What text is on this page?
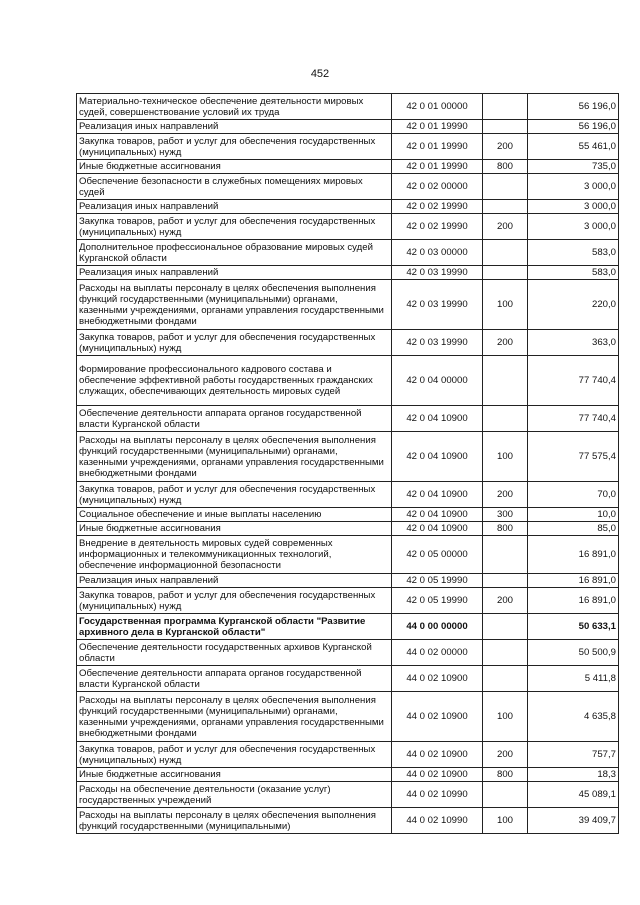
452
Материально-техническое обеспечение деятельности мировых судей, совершенствование условий их труда	42 0 01 00000		56 196,0
Реализация иных направлений	42 0 01 19990		56 196,0
Закупка товаров, работ и услуг для обеспечения государственных (муниципальных) нужд	42 0 01 19990	200	55 461,0
Иные бюджетные ассигнования	42 0 01 19990	800	735,0
Обеспечение безопасности в служебных помещениях мировых судей	42 0 02 00000		3 000,0
Реализация иных направлений	42 0 02 19990		3 000,0
Закупка товаров, работ и услуг для обеспечения государственных (муниципальных) нужд	42 0 02 19990	200	3 000,0
Дополнительное профессиональное образование мировых судей Курганской области	42 0 03 00000		583,0
Реализация иных направлений	42 0 03 19990		583,0
Расходы на выплаты персоналу в целях обеспечения выполнения функций государственными (муниципальными) органами, казенными учреждениями, органами управления государственными внебюджетными фондами	42 0 03 19990	100	220,0
Закупка товаров, работ и услуг для обеспечения государственных (муниципальных) нужд	42 0 03 19990	200	363,0
Формирование профессионального кадрового состава и обеспечение эффективной работы государственных гражданских служащих, обеспечивающих деятельность мировых судей	42 0 04 00000		77 740,4
Обеспечение деятельности аппарата органов государственной власти Курганской области	42 0 04 10900		77 740,4
Расходы на выплаты персоналу в целях обеспечения выполнения функций государственными (муниципальными) органами, казенными учреждениями, органами управления государственными внебюджетными фондами	42 0 04 10900	100	77 575,4
Закупка товаров, работ и услуг для обеспечения государственных (муниципальных) нужд	42 0 04 10900	200	70,0
Социальное обеспечение и иные выплаты населению	42 0 04 10900	300	10,0
Иные бюджетные ассигнования	42 0 04 10900	800	85,0
Внедрение в деятельность мировых судей современных информационных и телекоммуникационных технологий, обеспечение информационной безопасности	42 0 05 00000		16 891,0
Реализация иных направлений	42 0 05 19990		16 891,0
Закупка товаров, работ и услуг для обеспечения государственных (муниципальных) нужд	42 0 05 19990	200	16 891,0
Государственная программа Курганской области "Развитие архивного дела в Курганской области"	44 0 00 00000		50 633,1
Обеспечение деятельности государственных архивов Курганской области	44 0 02 00000		50 500,9
Обеспечение деятельности аппарата органов государственной власти Курганской области	44 0 02 10900		5 411,8
Расходы на выплаты персоналу в целях обеспечения выполнения функций государственными (муниципальными) органами, казенными учреждениями, органами управления государственными внебюджетными фондами	44 0 02 10900	100	4 635,8
Закупка товаров, работ и услуг для обеспечения государственных (муниципальных) нужд	44 0 02 10900	200	757,7
Иные бюджетные ассигнования	44 0 02 10900	800	18,3
Расходы на обеспечение деятельности (оказание услуг) государственных учреждений	44 0 02 10990		45 089,1
Расходы на выплаты персоналу в целях обеспечения выполнения функций государственными (муниципальными)	44 0 02 10990	100	39 409,7
